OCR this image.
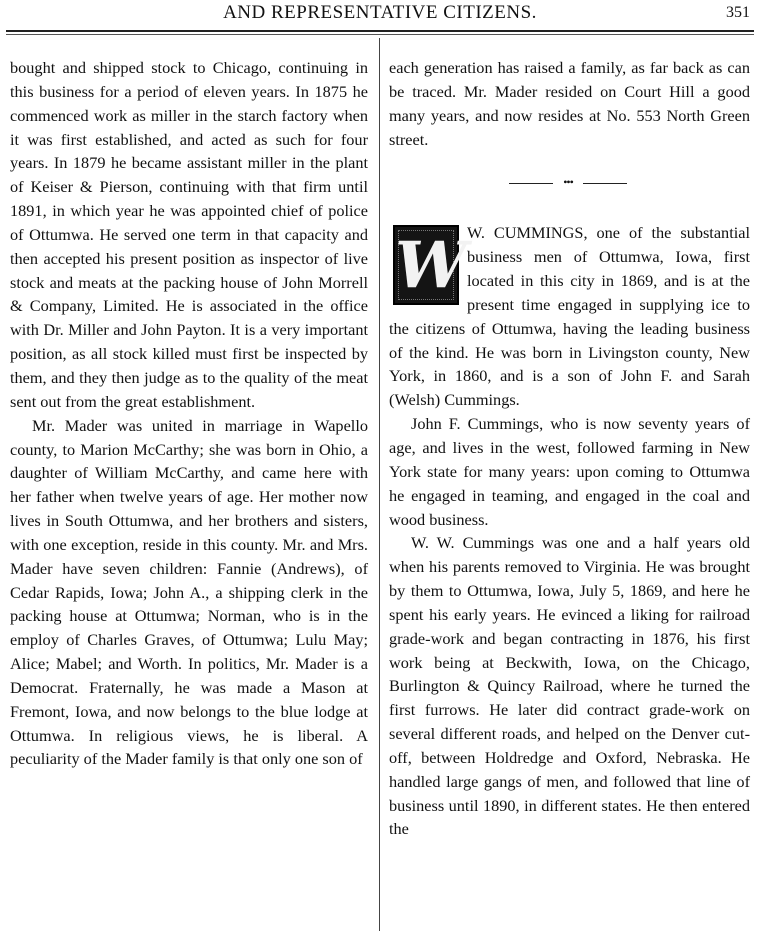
AND REPRESENTATIVE CITIZENS.	351

bought and shipped stock to Chicago, continuing in this business for a period of eleven years. In 1875 he commenced work as miller in the starch factory when it was first established, and acted as such for four years. In 1879 he became assistant miller in the plant of Keiser & Pierson, continuing with that firm until 1891, in which year he was appointed chief of police of Ottumwa. He served one term in that capacity and then accepted his present position as inspector of live stock and meats at the packing house of John Morrell & Company, Limited. He is associated in the office with Dr. Miller and John Payton. It is a very important position, as all stock killed must first be inspected by them, and they then judge as to the quality of the meat sent out from the great establishment.

Mr. Mader was united in marriage in Wapello county, to Marion McCarthy; she was born in Ohio, a daughter of William McCarthy, and came here with her father when twelve years of age. Her mother now lives in South Ottumwa, and her brothers and sisters, with one exception, reside in this county. Mr. and Mrs. Mader have seven children: Fannie (Andrews), of Cedar Rapids, Iowa; John A., a shipping clerk in the packing house at Ottumwa; Norman, who is in the employ of Charles Graves, of Ottumwa; Lulu May; Alice; Mabel; and Worth. In politics, Mr. Mader is a Democrat. Fraternally, he was made a Mason at Fremont, Iowa, and now belongs to the blue lodge at Ottumwa. In religious views, he is liberal. A peculiarity of the Mader family is that only one son of

each generation has raised a family, as far back as can be traced. Mr. Mader resided on Court Hill a good many years, and now resides at No. 553 North Green street.

•••

W W. CUMMINGS, one of the substantial business men of Ottumwa, Iowa, first located in this city in 1869, and is at the present time engaged in supplying ice to the citizens of Ottumwa, having the leading business of the kind. He was born in Livingston county, New York, in 1860, and is a son of John F. and Sarah (Welsh) Cummings.

John F. Cummings, who is now seventy years of age, and lives in the west, followed farming in New York state for many years: upon coming to Ottumwa he engaged in teaming, and engaged in the coal and wood business.

W. W. Cummings was one and a half years old when his parents removed to Virginia. He was brought by them to Ottumwa, Iowa, July 5, 1869, and here he spent his early years. He evinced a liking for railroad grade-work and began contracting in 1876, his first work being at Beckwith, Iowa, on the Chicago, Burlington & Quincy Railroad, where he turned the first furrows. He later did contract grade-work on several different roads, and helped on the Denver cut-off, between Holdredge and Oxford, Nebraska. He handled large gangs of men, and followed that line of business until 1890, in different states. He then entered the
